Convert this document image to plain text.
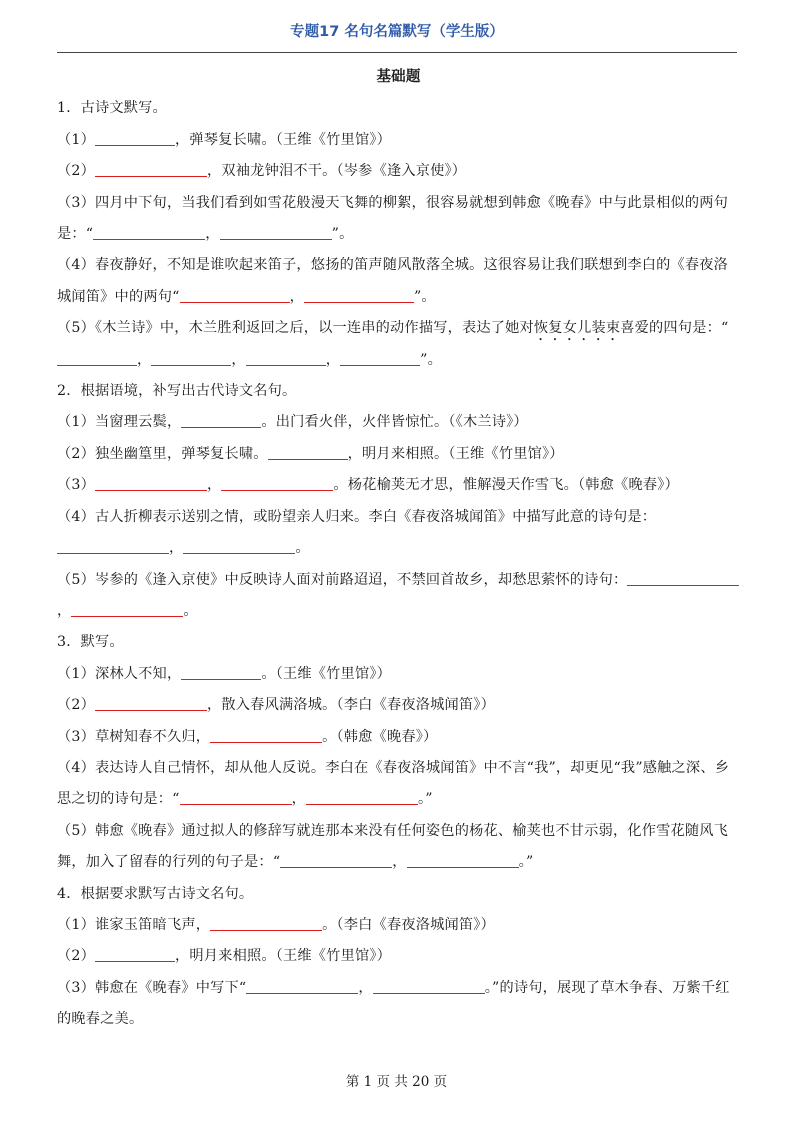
专题17 名句名篇默写（学生版）
基础题
1．古诗文默写。
（1）	，弹琴复长啸。（王维《竹里馆》）
（2）	，双袖龙钟泪不干。（岑参《逢入京使》）
（3）四月中下旬，当我们看到如雪花般漫天飞舞的柳絮，很容易就想到韩愈《晚春》中与此景相似的两句是：“	，	”。
（4）春夜静好，不知是谁吹起来笛子，悠扬的笛声随风散落全城。这很容易让我们联想到李白的《春夜洛城闻笛》中的两句“	，	”。
（5）《木兰诗》中，木兰胜利返回之后，以一连串的动作描写，表达了她对恢复女儿装束喜爱的四句是：“，	，	，	”。
2．根据语境，补写出古代诗文名句。
（1）当窗理云鬓，	。出门看火伴，火伴皆惊忙。（《木兰诗》）
（2）独坐幽篁里，弹琴复长啸。	，明月来相照。（王维《竹里馆》）
（3）	，	。杨花榆荚无才思，惟解漫天作雪飞。（韩愈《晚春》）
（4）古人折柳表示送别之情，或盼望亲人归来。李白《春夜洛城闻笛》中描写此意的诗句是：，	。
（5）岑参的《逢入京使》中反映诗人面对前路迢迢，不禁回首故乡，却愁思萦怀的诗句：，	。
3．默写。
（1）深林人不知，	。（王维《竹里馆》）
（2）	，散入春风满洛城。（李白《春夜洛城闻笛》）
（3）草树知春不久归，	。（韩愈《晚春》）
（4）表达诗人自己情怀，却从他人反说。李白在《春夜洛城闻笛》中不言“我”，却更见“我”感触之深、乡思之切的诗句是：“	，	。”
（5）韩愈《晚春》通过拟人的修辞写就连那本来没有任何姿色的杨花、榆荚也不甘示弱，化作雪花随风飞舞，加入了留春的行列的句子是：“	，	。”
4．根据要求默写古诗文名句。
（1）谁家玉笛暗飞声，	。（李白《春夜洛城闻笛》）
（2）	，明月来相照。（王维《竹里馆》）
（3）韩愈在《晚春》中写下“	，	。”的诗句，展现了草木争春、万紫千红的晚春之美。
第 1 页 共 20 页
